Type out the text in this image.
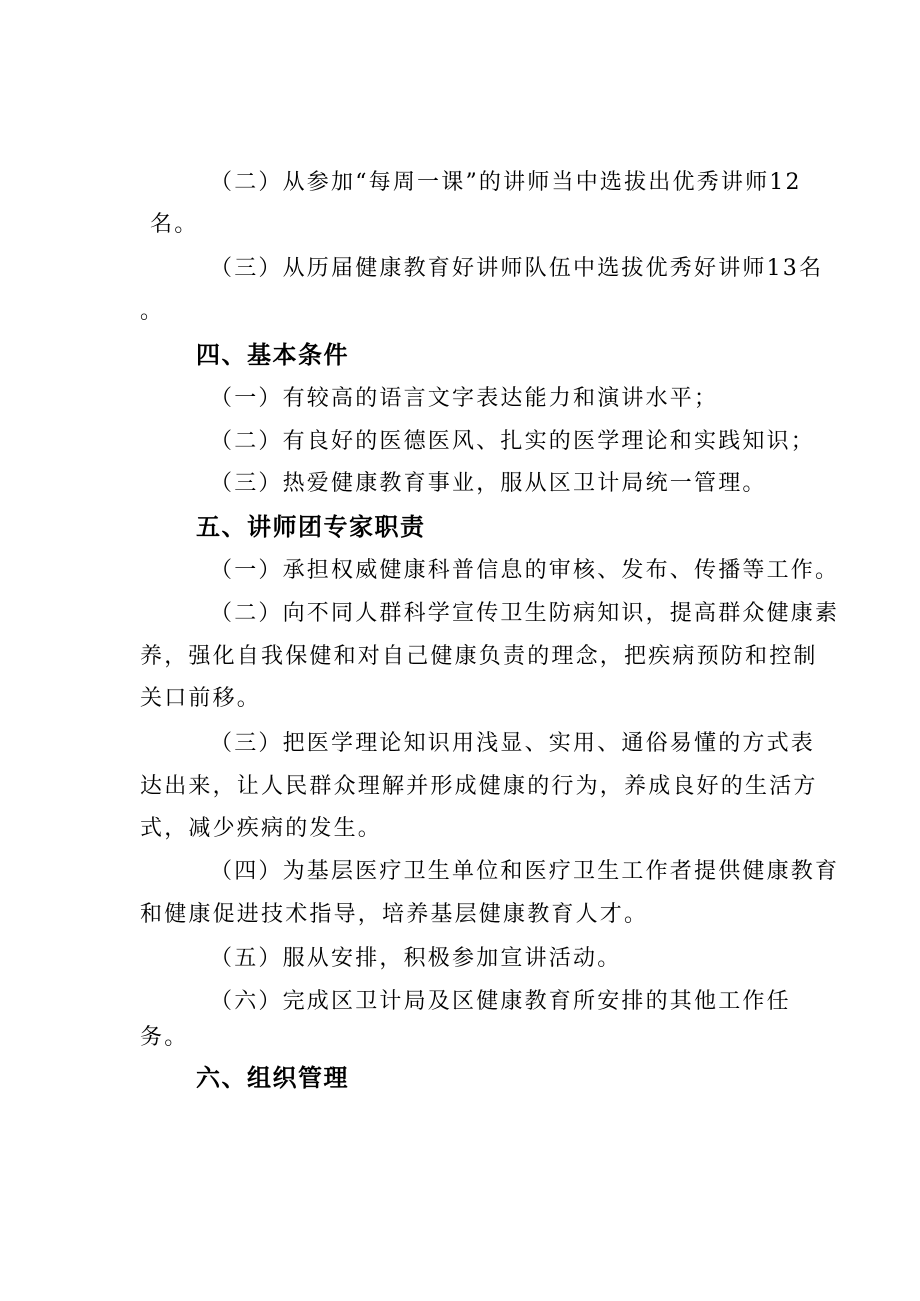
（二）从参加“每周一课”的讲师当中选拔出优秀讲师12
名。
（三）从历届健康教育好讲师队伍中选拔优秀好讲师13名
。
四、基本条件
（一）有较高的语言文字表达能力和演讲水平；
（二）有良好的医德医风、扎实的医学理论和实践知识；
（三）热爱健康教育事业，服从区卫计局统一管理。
五、讲师团专家职责
（一）承担权威健康科普信息的审核、发布、传播等工作。
（二）向不同人群科学宣传卫生防病知识，提高群众健康素
养，强化自我保健和对自己健康负责的理念，把疾病预防和控制
关口前移。
（三）把医学理论知识用浅显、实用、通俗易懂的方式表
达出来，让人民群众理解并形成健康的行为，养成良好的生活方
式，减少疾病的发生。
（四）为基层医疗卫生单位和医疗卫生工作者提供健康教育
和健康促进技术指导，培养基层健康教育人才。
（五）服从安排，积极参加宣讲活动。
（六）完成区卫计局及区健康教育所安排的其他工作任
务。
六、组织管理
